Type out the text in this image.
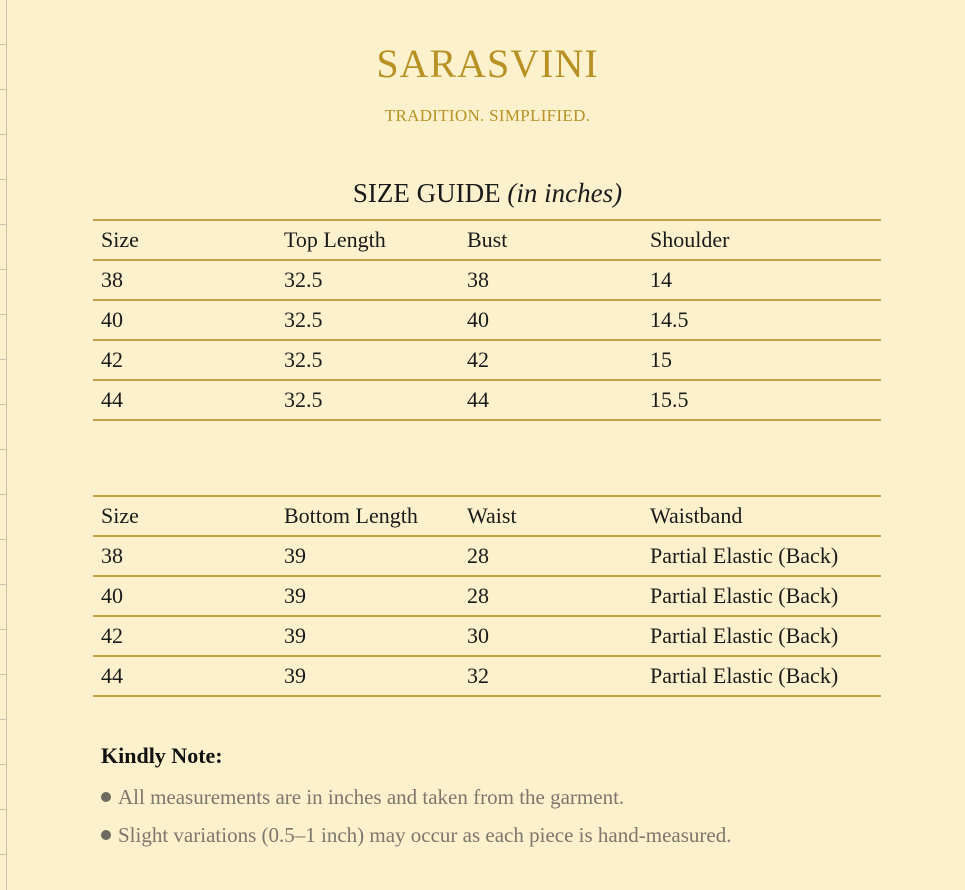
SARASVINI
TRADITION. SIMPLIFIED.
SIZE GUIDE (in inches)
Size	Top Length	Bust	Shoulder
38	32.5	38	14
40	32.5	40	14.5
42	32.5	42	15
44	32.5	44	15.5
Size	Bottom Length	Waist	Waistband
38	39	28	Partial Elastic (Back)
40	39	28	Partial Elastic (Back)
42	39	30	Partial Elastic (Back)
44	39	32	Partial Elastic (Back)
Kindly Note:
All measurements are in inches and taken from the garment.
Slight variations (0.5–1 inch) may occur as each piece is hand-measured.
